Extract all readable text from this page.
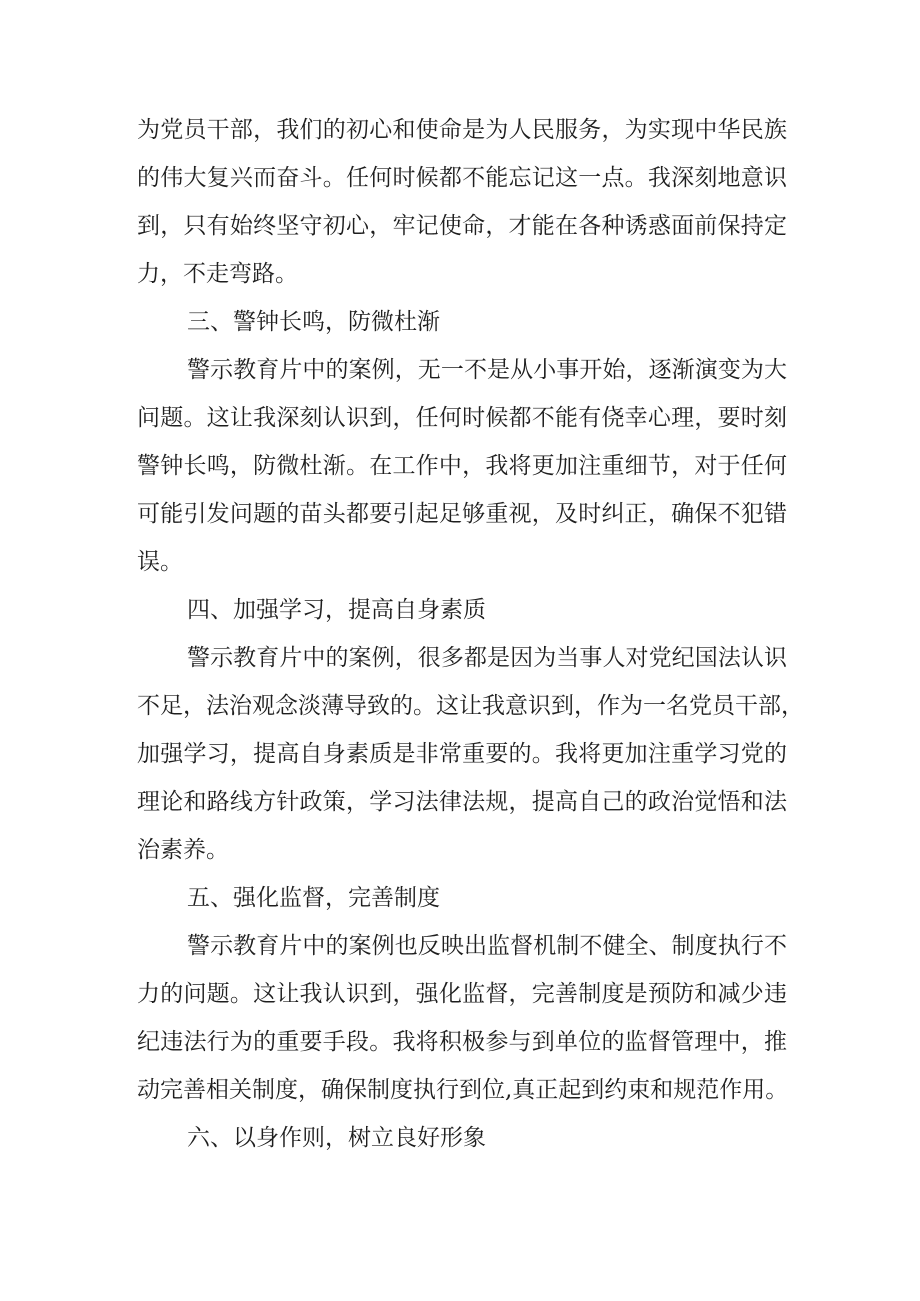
为党员干部，我们的初心和使命是为人民服务，为实现中华民族
的伟大复兴而奋斗。任何时候都不能忘记这一点。我深刻地意识
到，只有始终坚守初心，牢记使命，才能在各种诱惑面前保持定
力，不走弯路。
三、警钟长鸣，防微杜渐
警示教育片中的案例，无一不是从小事开始，逐渐演变为大
问题。这让我深刻认识到，任何时候都不能有侥幸心理，要时刻
警钟长鸣，防微杜渐。在工作中，我将更加注重细节，对于任何
可能引发问题的苗头都要引起足够重视，及时纠正，确保不犯错
误。
四、加强学习，提高自身素质
警示教育片中的案例，很多都是因为当事人对党纪国法认识
不足，法治观念淡薄导致的。这让我意识到，作为一名党员干部，
加强学习，提高自身素质是非常重要的。我将更加注重学习党的
理论和路线方针政策，学习法律法规，提高自己的政治觉悟和法
治素养。
五、强化监督，完善制度
警示教育片中的案例也反映出监督机制不健全、制度执行不
力的问题。这让我认识到，强化监督，完善制度是预防和减少违
纪违法行为的重要手段。我将积极参与到单位的监督管理中，推
动完善相关制度，确保制度执行到位,真正起到约束和规范作用。
六、以身作则，树立良好形象
